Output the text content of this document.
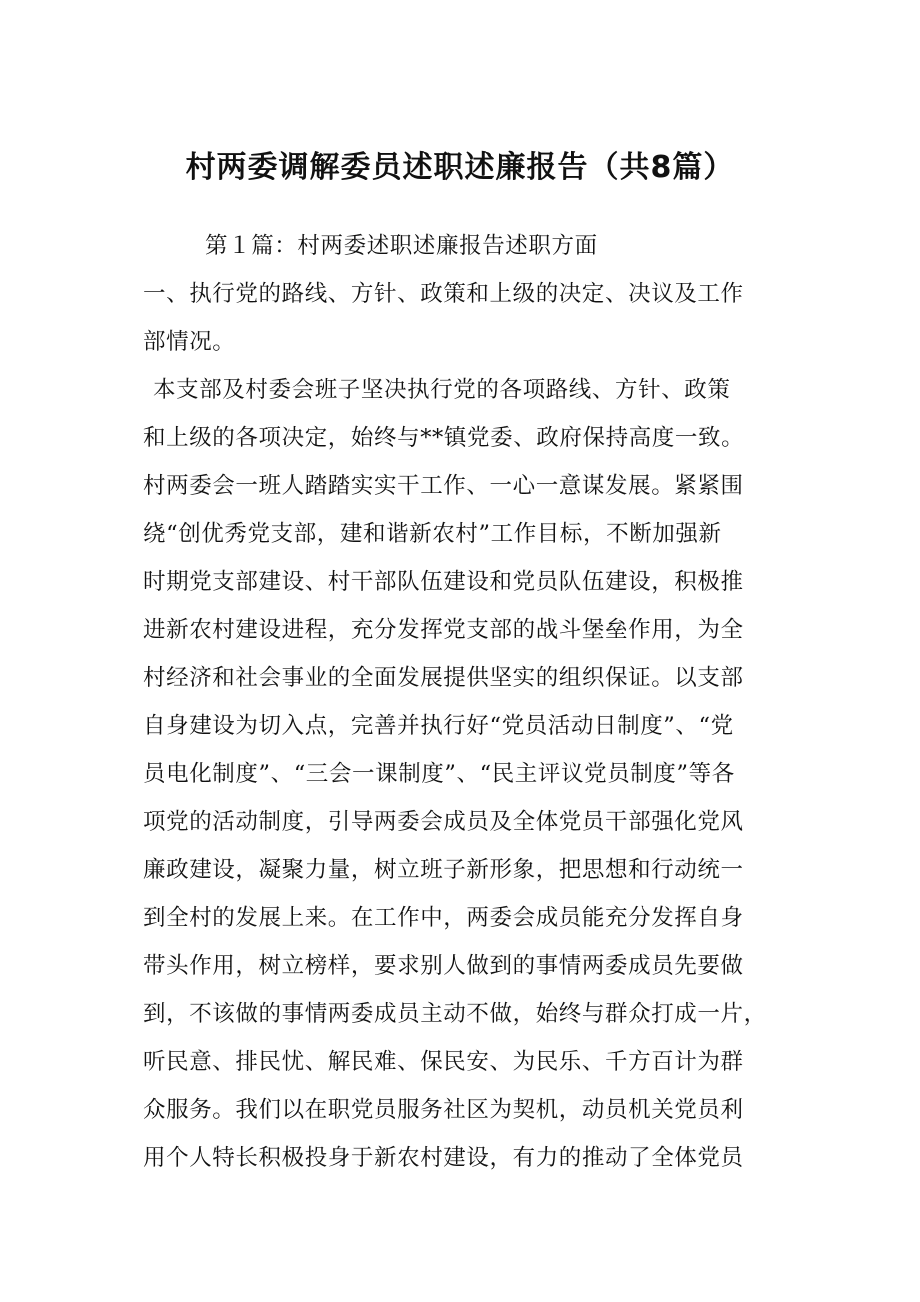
村两委调解委员述职述廉报告（共8篇）
第１篇：村两委述职述廉报告述职方面
一、执行党的路线、方针、政策和上级的决定、决议及工作
部情况。
本支部及村委会班子坚决执行党的各项路线、方针、政策
和上级的各项决定，始终与**镇党委、政府保持高度一致。
村两委会一班人踏踏实实干工作、一心一意谋发展。紧紧围
绕“创优秀党支部，建和谐新农村”工作目标，不断加强新
时期党支部建设、村干部队伍建设和党员队伍建设，积极推
进新农村建设进程，充分发挥党支部的战斗堡垒作用，为全
村经济和社会事业的全面发展提供坚实的组织保证。以支部
自身建设为切入点，完善并执行好“党员活动日制度”、“党
员电化制度”、“三会一课制度”、“民主评议党员制度”等各
项党的活动制度，引导两委会成员及全体党员干部强化党风
廉政建设，凝聚力量，树立班子新形象，把思想和行动统一
到全村的发展上来。在工作中，两委会成员能充分发挥自身
带头作用，树立榜样，要求别人做到的事情两委成员先要做
到，不该做的事情两委成员主动不做，始终与群众打成一片，
听民意、排民忧、解民难、保民安、为民乐、千方百计为群
众服务。我们以在职党员服务社区为契机，动员机关党员利
用个人特长积极投身于新农村建设，有力的推动了全体党员
